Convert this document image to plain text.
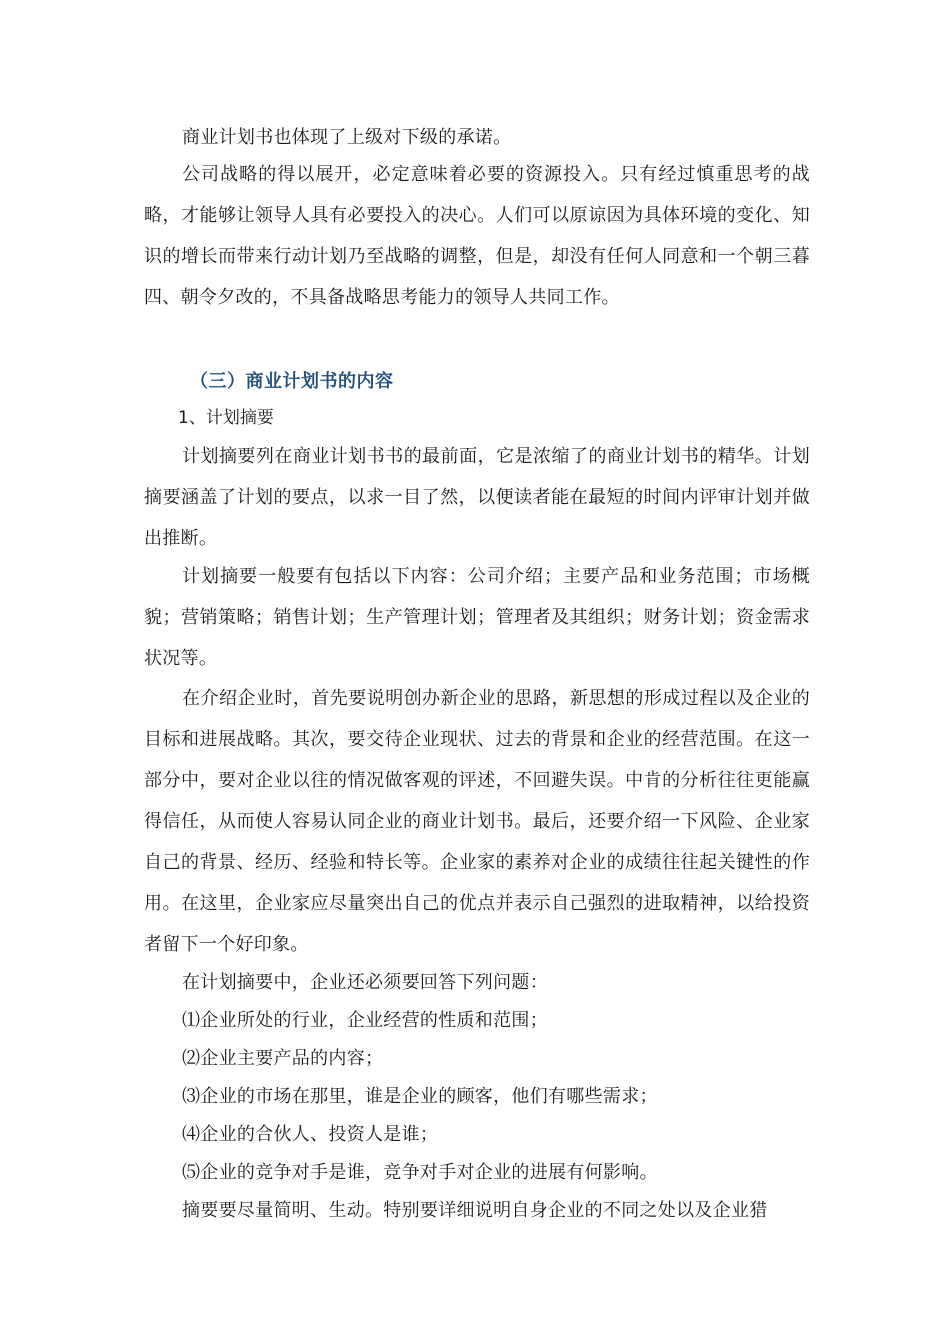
商业计划书也体现了上级对下级的承诺。

公司战略的得以展开，必定意味着必要的资源投入。只有经过慎重思考的战略，才能够让领导人具有必要投入的决心。人们可以原谅因为具体环境的变化、知识的增长而带来行动计划乃至战略的调整，但是，却没有任何人同意和一个朝三暮四、朝令夕改的，不具备战略思考能力的领导人共同工作。

（三）商业计划书的内容

1、计划摘要

计划摘要列在商业计划书书的最前面，它是浓缩了的商业计划书的精华。计划摘要涵盖了计划的要点，以求一目了然，以便读者能在最短的时间内评审计划并做出推断。

计划摘要一般要有包括以下内容：公司介绍；主要产品和业务范围；市场概貌；营销策略；销售计划；生产管理计划；管理者及其组织；财务计划；资金需求状况等。

在介绍企业时，首先要说明创办新企业的思路，新思想的形成过程以及企业的目标和进展战略。其次，要交待企业现状、过去的背景和企业的经营范围。在这一部分中，要对企业以往的情况做客观的评述，不回避失误。中肯的分析往往更能赢得信任，从而使人容易认同企业的商业计划书。最后，还要介绍一下风险、企业家自己的背景、经历、经验和特长等。企业家的素养对企业的成绩往往起关键性的作用。在这里，企业家应尽量突出自己的优点并表示自己强烈的进取精神，以给投资者留下一个好印象。

在计划摘要中，企业还必须要回答下列问题：

⑴企业所处的行业，企业经营的性质和范围；

⑵企业主要产品的内容；

⑶企业的市场在那里，谁是企业的顾客，他们有哪些需求；

⑷企业的合伙人、投资人是谁；

⑸企业的竞争对手是谁，竞争对手对企业的进展有何影响。

摘要要尽量简明、生动。特别要详细说明自身企业的不同之处以及企业猎
